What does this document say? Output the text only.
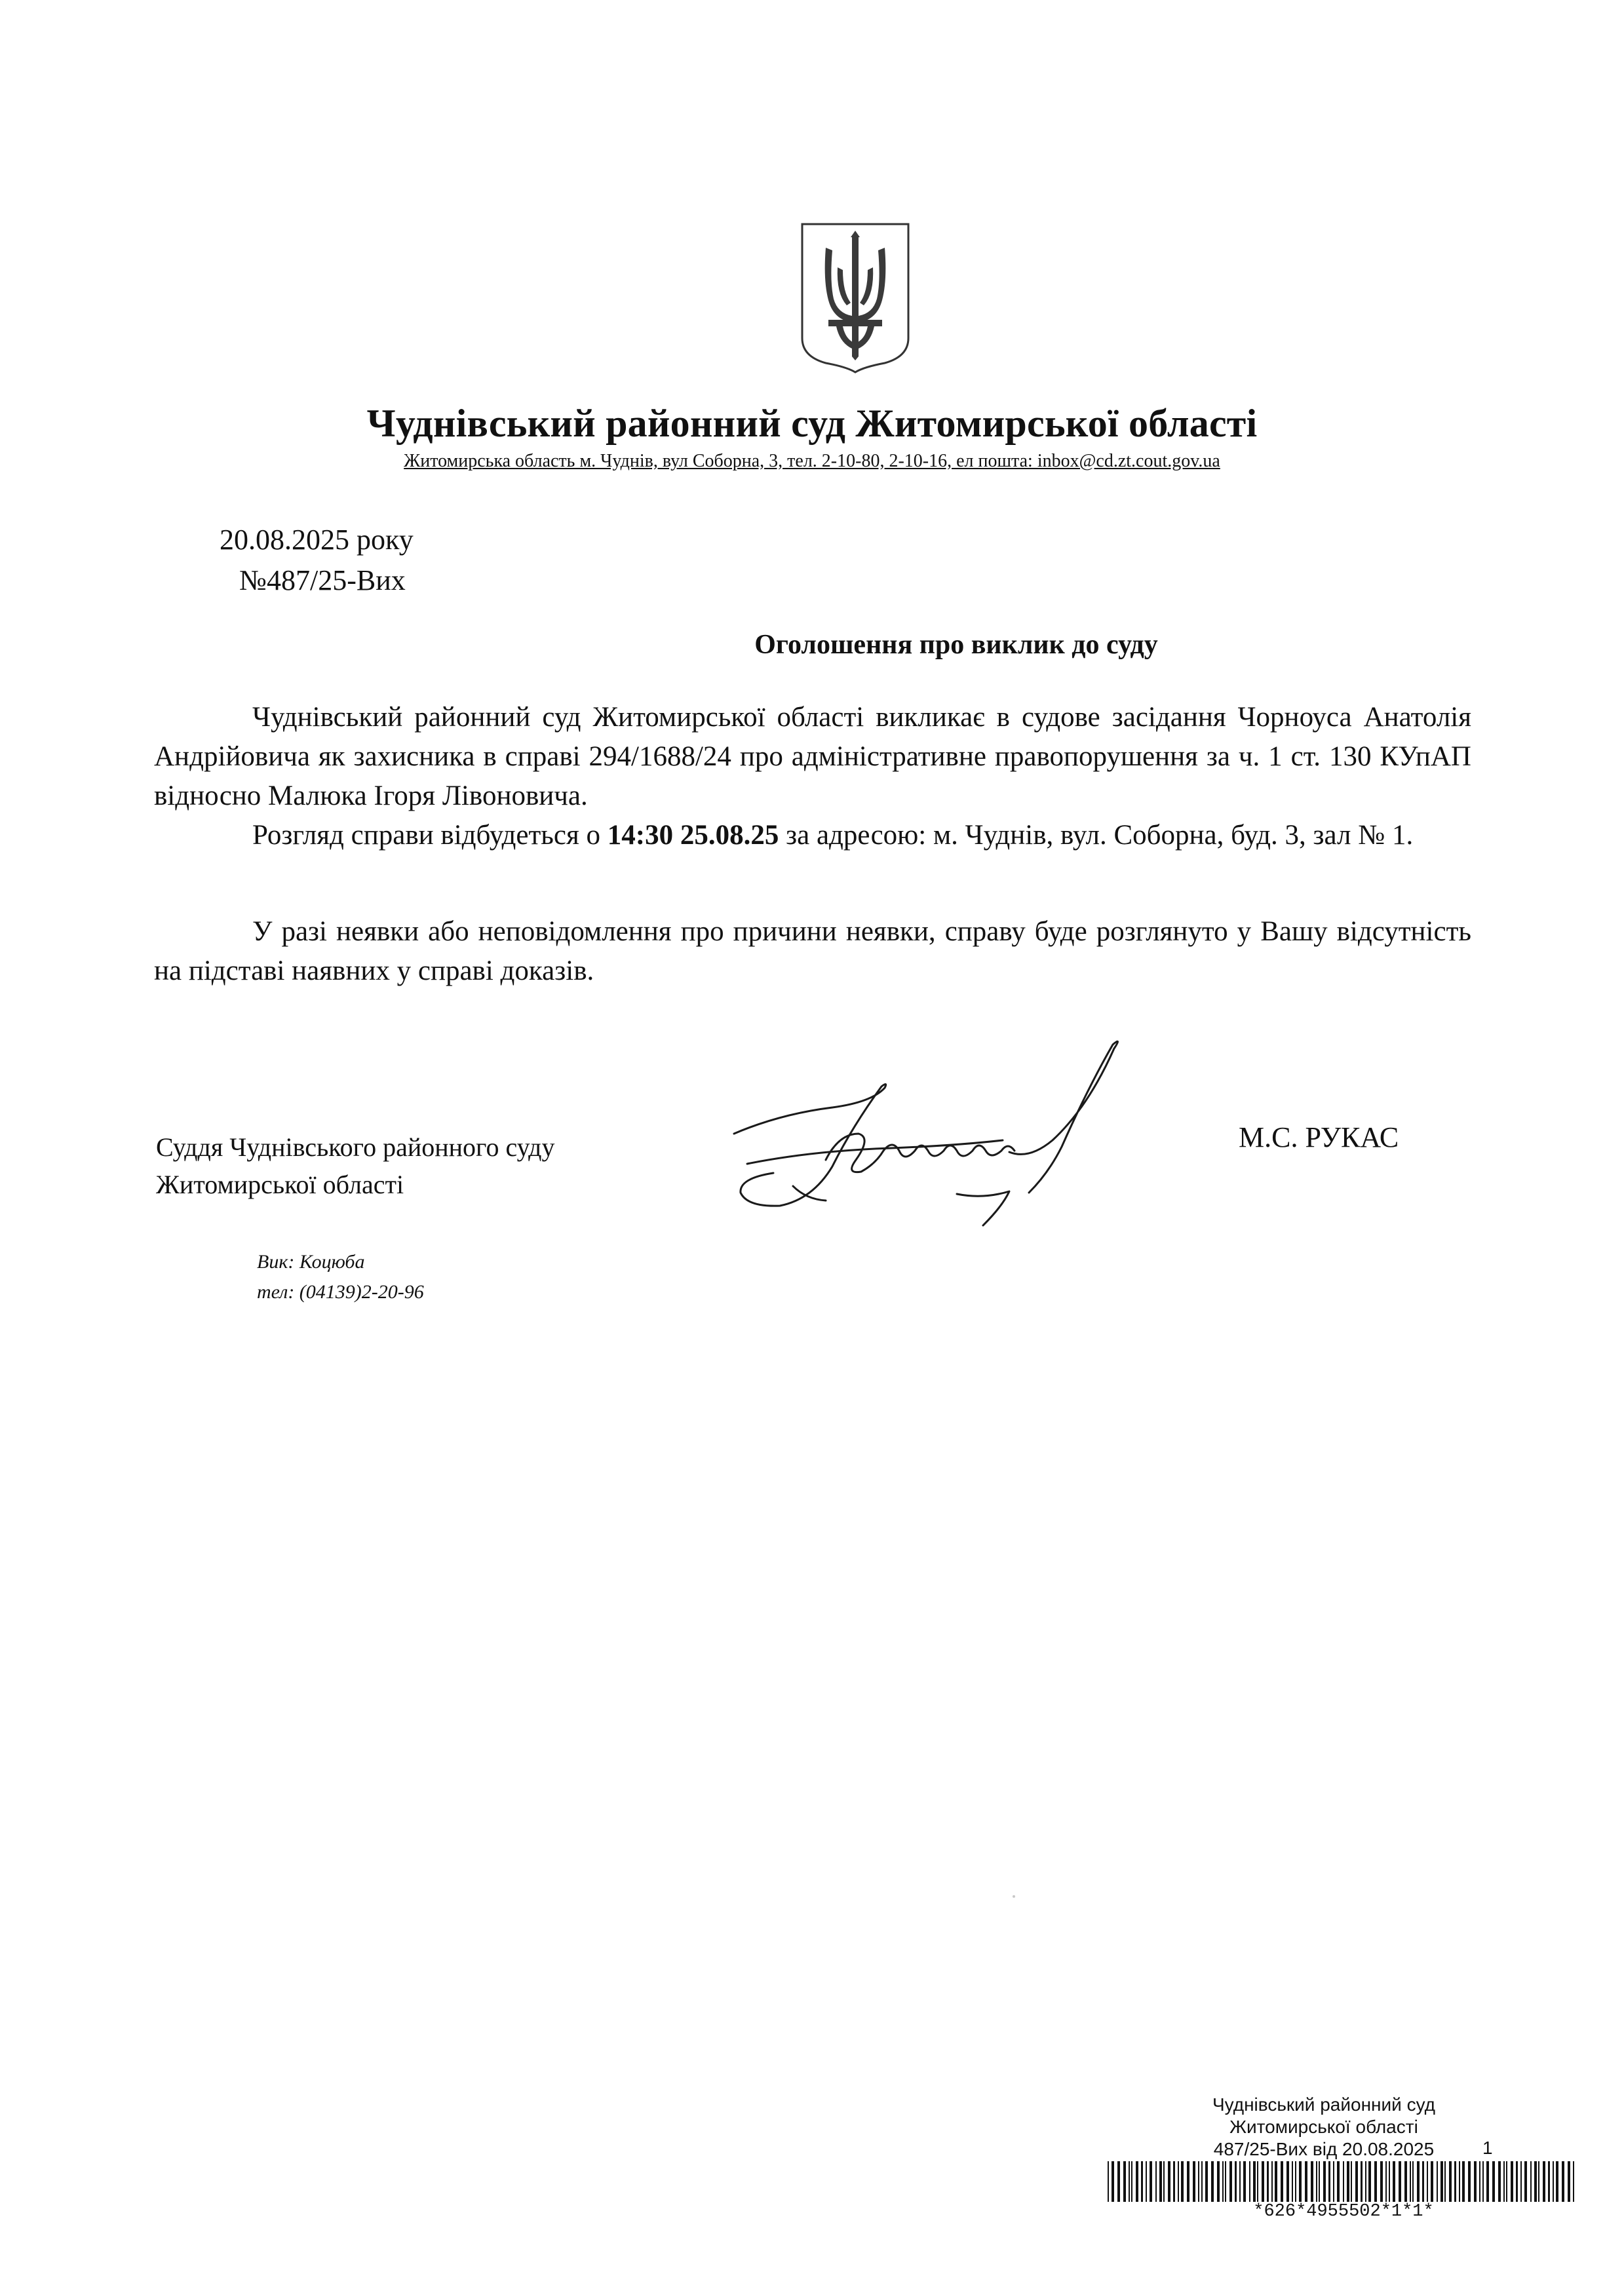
Чуднівський районний суд Житомирської області
Житомирська область м. Чуднів, вул Соборна, 3, тел. 2-10-80, 2-10-16, ел пошта: inbox@cd.zt.cout.gov.ua
20.08.2025 року
№487/25-Вих
Оголошення про виклик до суду
Чуднівський районний суд Житомирської області викликає в судове засідання Чорноуса Анатолія Андрійовича як захисника в справі 294/1688/24 про адміністративне правопорушення за ч. 1 ст. 130 КУпАП відносно Малюка Ігоря Лівоновича.
Розгляд справи відбудеться о 14:30 25.08.25 за адресою: м. Чуднів, вул. Соборна, буд. 3, зал № 1.
У разі неявки або неповідомлення про причини неявки, справу буде розглянуто у Вашу відсутність на підставі наявних у справі доказів.
Суддя Чуднівського районного суду
Житомирської області
М.С. РУКАС
Вик: Коцюба
тел: (04139)2-20-96
Чуднівський районний суд
Житомирської області
487/25-Вих від 20.08.2025	1
*626*4955502*1*1*
